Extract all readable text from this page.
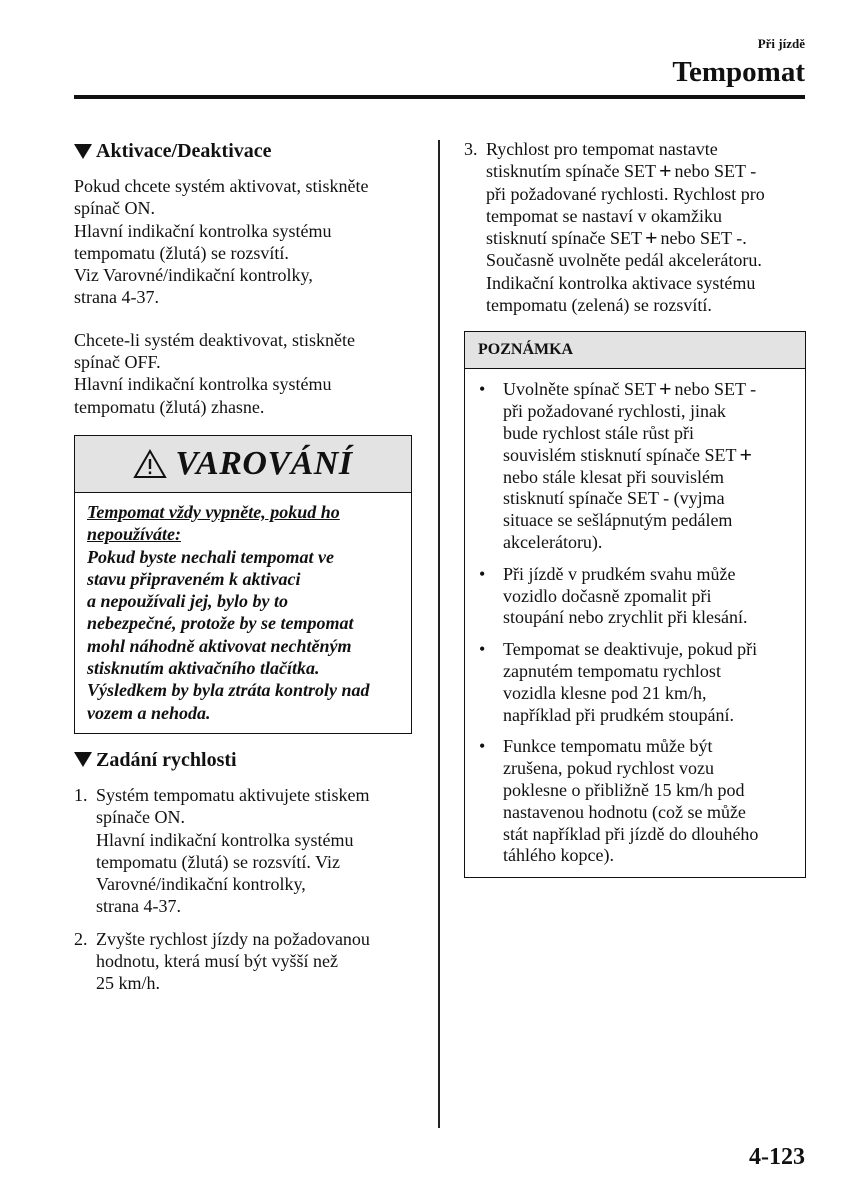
Při jízdě
Tempomat
Aktivace/Deaktivace
Pokud chcete systém aktivovat, stiskněte
spínač ON.
Hlavní indikační kontrolka systému
tempomatu (žlutá) se rozsvítí.
Viz Varovné/indikační kontrolky,
strana 4-37.
Chcete-li systém deaktivovat, stiskněte
spínač OFF.
Hlavní indikační kontrolka systému
tempomatu (žlutá) zhasne.
VAROVÁNÍ
Tempomat vždy vypněte, pokud ho
nepoužíváte:
Pokud byste nechali tempomat ve
stavu připraveném k aktivaci
a nepoužívali jej, bylo by to
nebezpečné, protože by se tempomat
mohl náhodně aktivovat nechtěným
stisknutím aktivačního tlačítka.
Výsledkem by byla ztráta kontroly nad
vozem a nehoda.
Zadání rychlosti
1. Systém tempomatu aktivujete stiskem
spínače ON.
Hlavní indikační kontrolka systému
tempomatu (žlutá) se rozsvítí. Viz
Varovné/indikační kontrolky,
strana 4-37.
2. Zvyšte rychlost jízdy na požadovanou
hodnotu, která musí být vyšší než
25 km/h.
3. Rychlost pro tempomat nastavte
stisknutím spínače SET + nebo SET -
při požadované rychlosti. Rychlost pro
tempomat se nastaví v okamžiku
stisknutí spínače SET + nebo SET -.
Současně uvolněte pedál akcelerátoru.
Indikační kontrolka aktivace systému
tempomatu (zelená) se rozsvítí.
POZNÁMKA
• Uvolněte spínač SET + nebo SET -
při požadované rychlosti, jinak
bude rychlost stále růst při
souvislém stisknutí spínače SET +
nebo stále klesat při souvislém
stisknutí spínače SET - (vyjma
situace se sešlápnutým pedálem
akcelerátoru).
• Při jízdě v prudkém svahu může
vozidlo dočasně zpomalit při
stoupání nebo zrychlit při klesání.
• Tempomat se deaktivuje, pokud při
zapnutém tempomatu rychlost
vozidla klesne pod 21 km/h,
například při prudkém stoupání.
• Funkce tempomatu může být
zrušena, pokud rychlost vozu
poklesne o přibližně 15 km/h pod
nastavenou hodnotu (což se může
stát například při jízdě do dlouhého
táhlého kopce).
4-123
